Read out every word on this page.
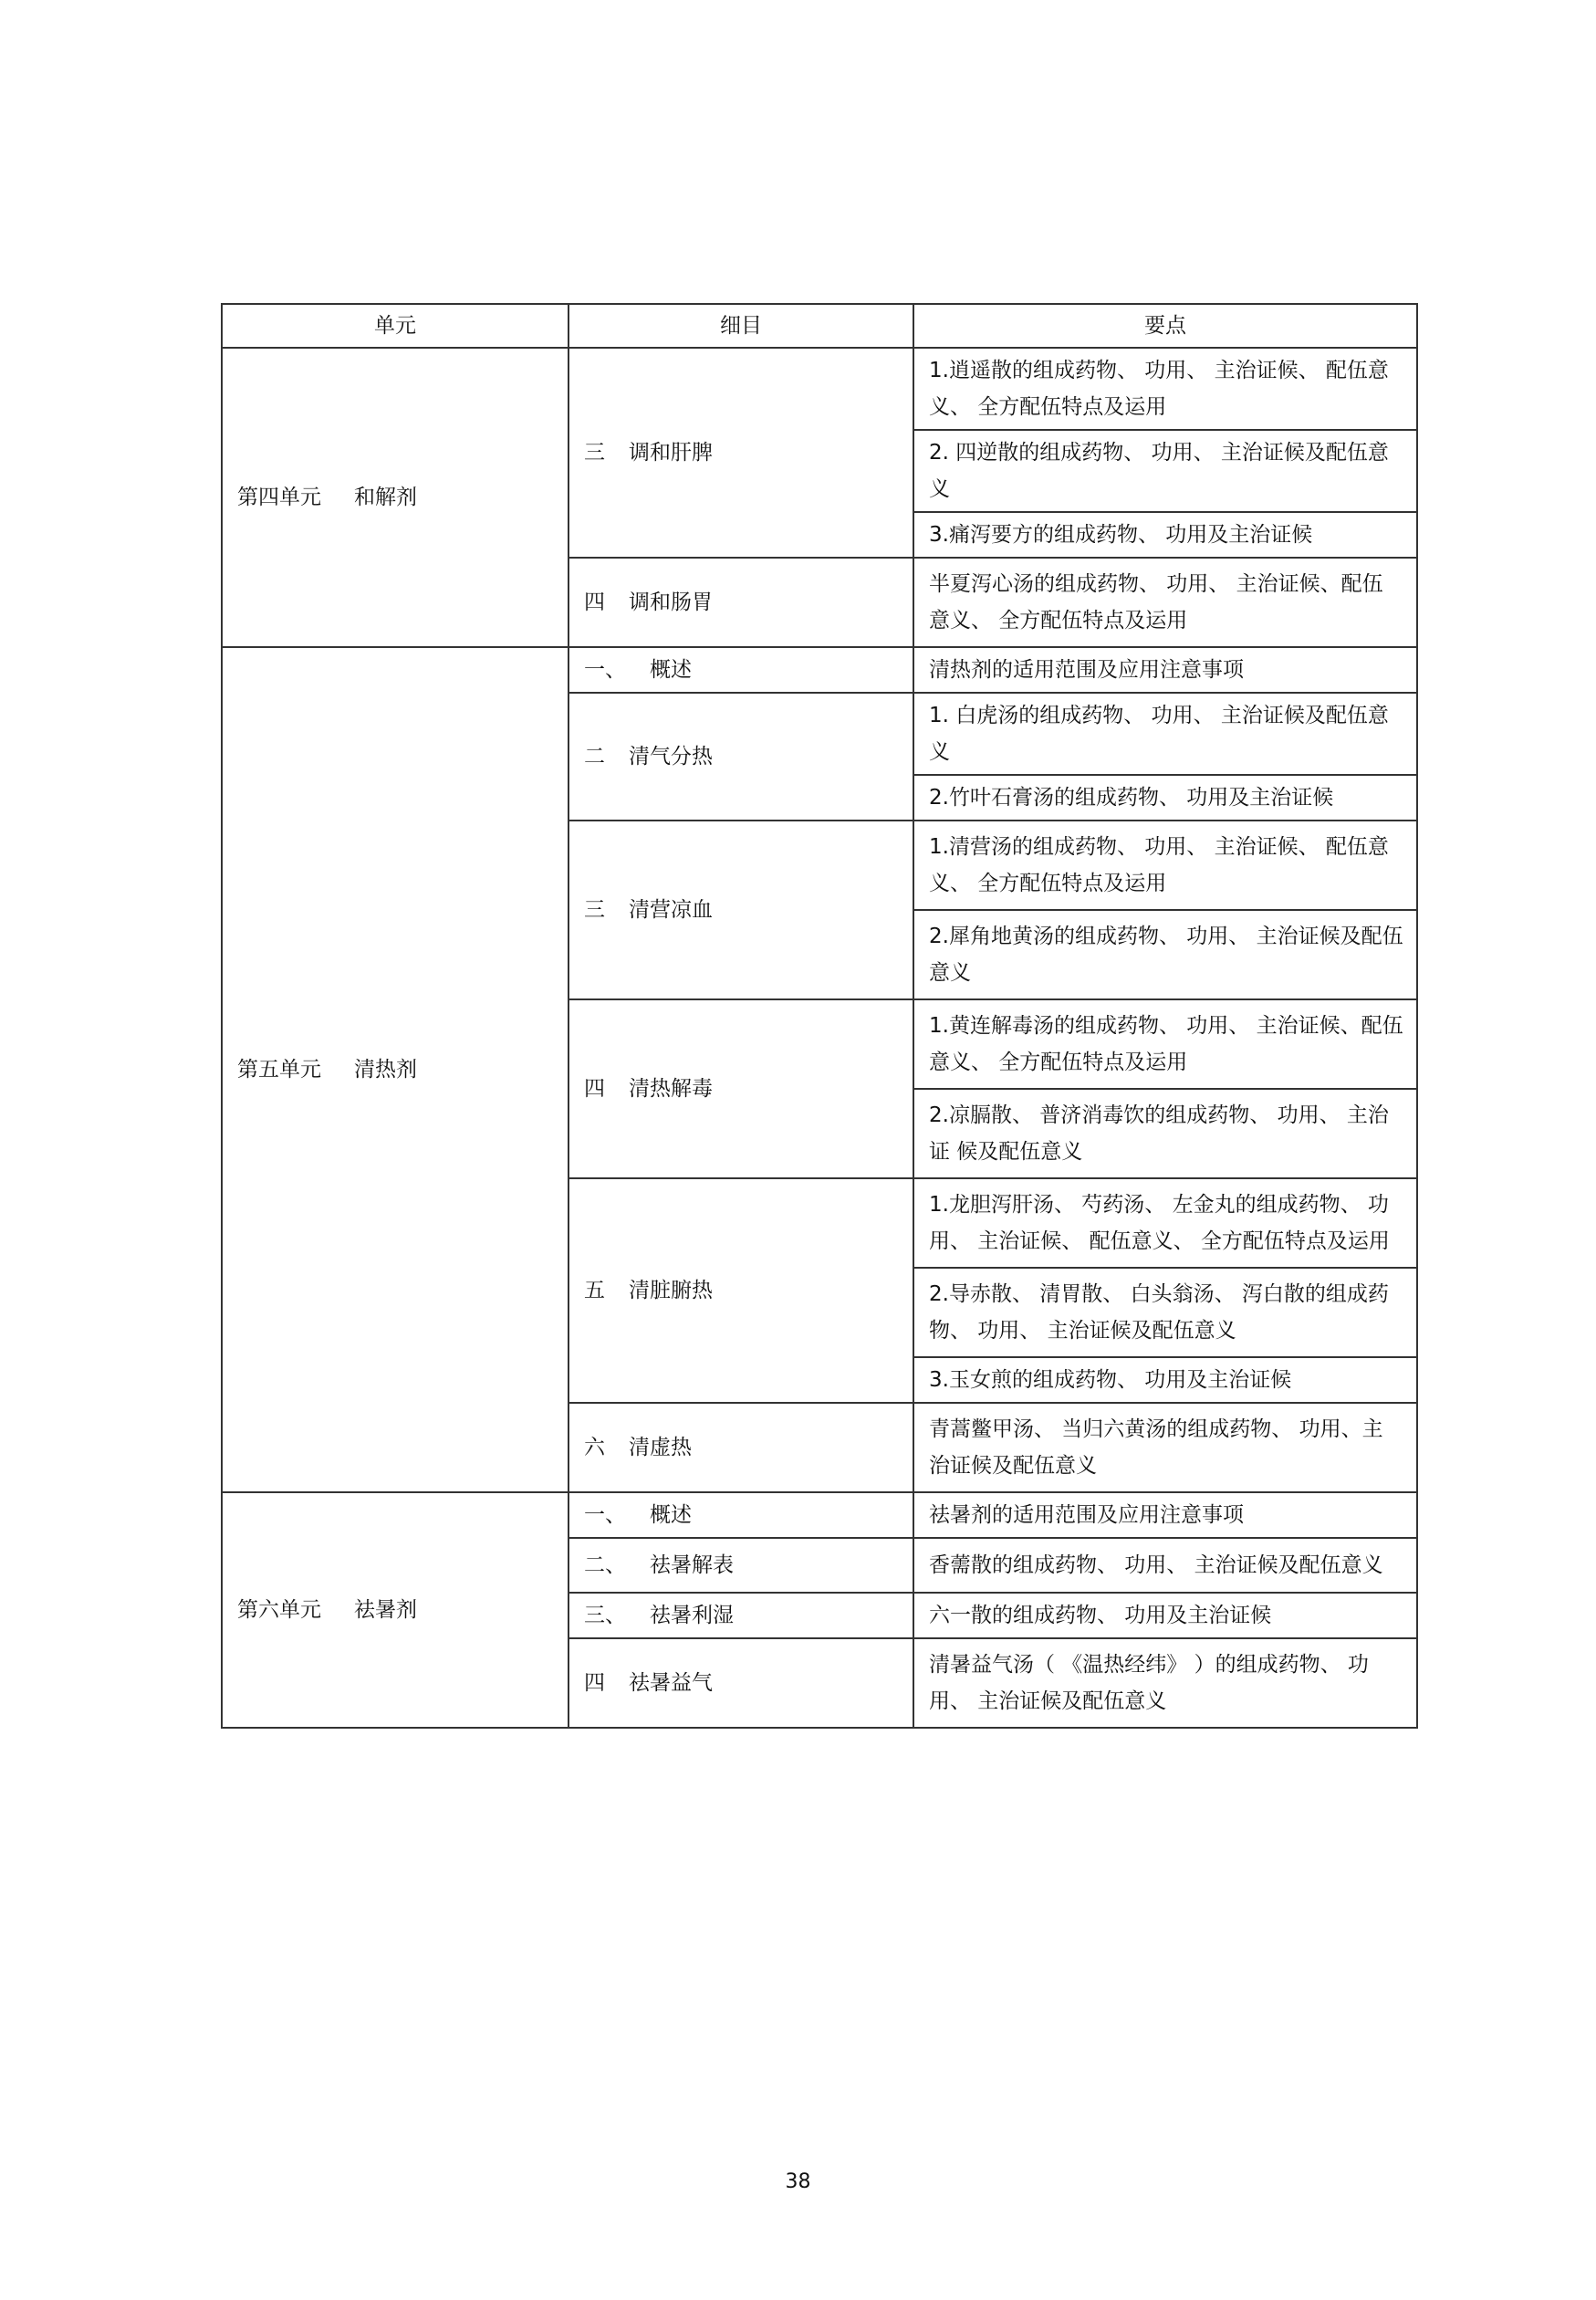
单元	细目	要点
第四单元 和解剂	三 调和肝脾	1.逍遥散的组成药物、 功用、 主治证候、 配伍意义、 全方配伍特点及运用
		2. 四逆散的组成药物、 功用、 主治证候及配伍意义
		3.痛泻要方的组成药物、 功用及主治证候
	四 调和肠胃	半夏泻心汤的组成药物、 功用、 主治证候、配伍意义、 全方配伍特点及运用
第五单元 清热剂	一、 概述	清热剂的适用范围及应用注意事项
	二 清气分热	1. 白虎汤的组成药物、 功用、 主治证候及配伍意义
		2.竹叶石膏汤的组成药物、 功用及主治证候
	三 清营凉血	1.清营汤的组成药物、 功用、 主治证候、 配伍意义、 全方配伍特点及运用
		2.犀角地黄汤的组成药物、 功用、 主治证候及配伍意义
	四 清热解毒	1.黄连解毒汤的组成药物、 功用、 主治证候、配伍 意义、 全方配伍特点及运用
		2.凉膈散、 普济消毒饮的组成药物、 功用、 主治证 候及配伍意义
	五 清脏腑热	1.龙胆泻肝汤、 芍药汤、 左金丸的组成药物、 功 用、 主治证候、 配伍意义、 全方配伍特点及运用
		2.导赤散、 清胃散、 白头翁汤、 泻白散的组成药物、 功用、 主治证候及配伍意义
		3.玉女煎的组成药物、 功用及主治证候
	六 清虚热	青蒿鳖甲汤、 当归六黄汤的组成药物、 功用、主治证候及配伍意义
第六单元 祛暑剂	一、 概述	祛暑剂的适用范围及应用注意事项
	二、 祛暑解表	香薷散的组成药物、 功用、 主治证候及配伍意义
	三、 祛暑利湿	六一散的组成药物、 功用及主治证候
	四 祛暑益气	清暑益气汤（ 《温热经纬》 ）的组成药物、 功 用、 主治证候及配伍意义
38
